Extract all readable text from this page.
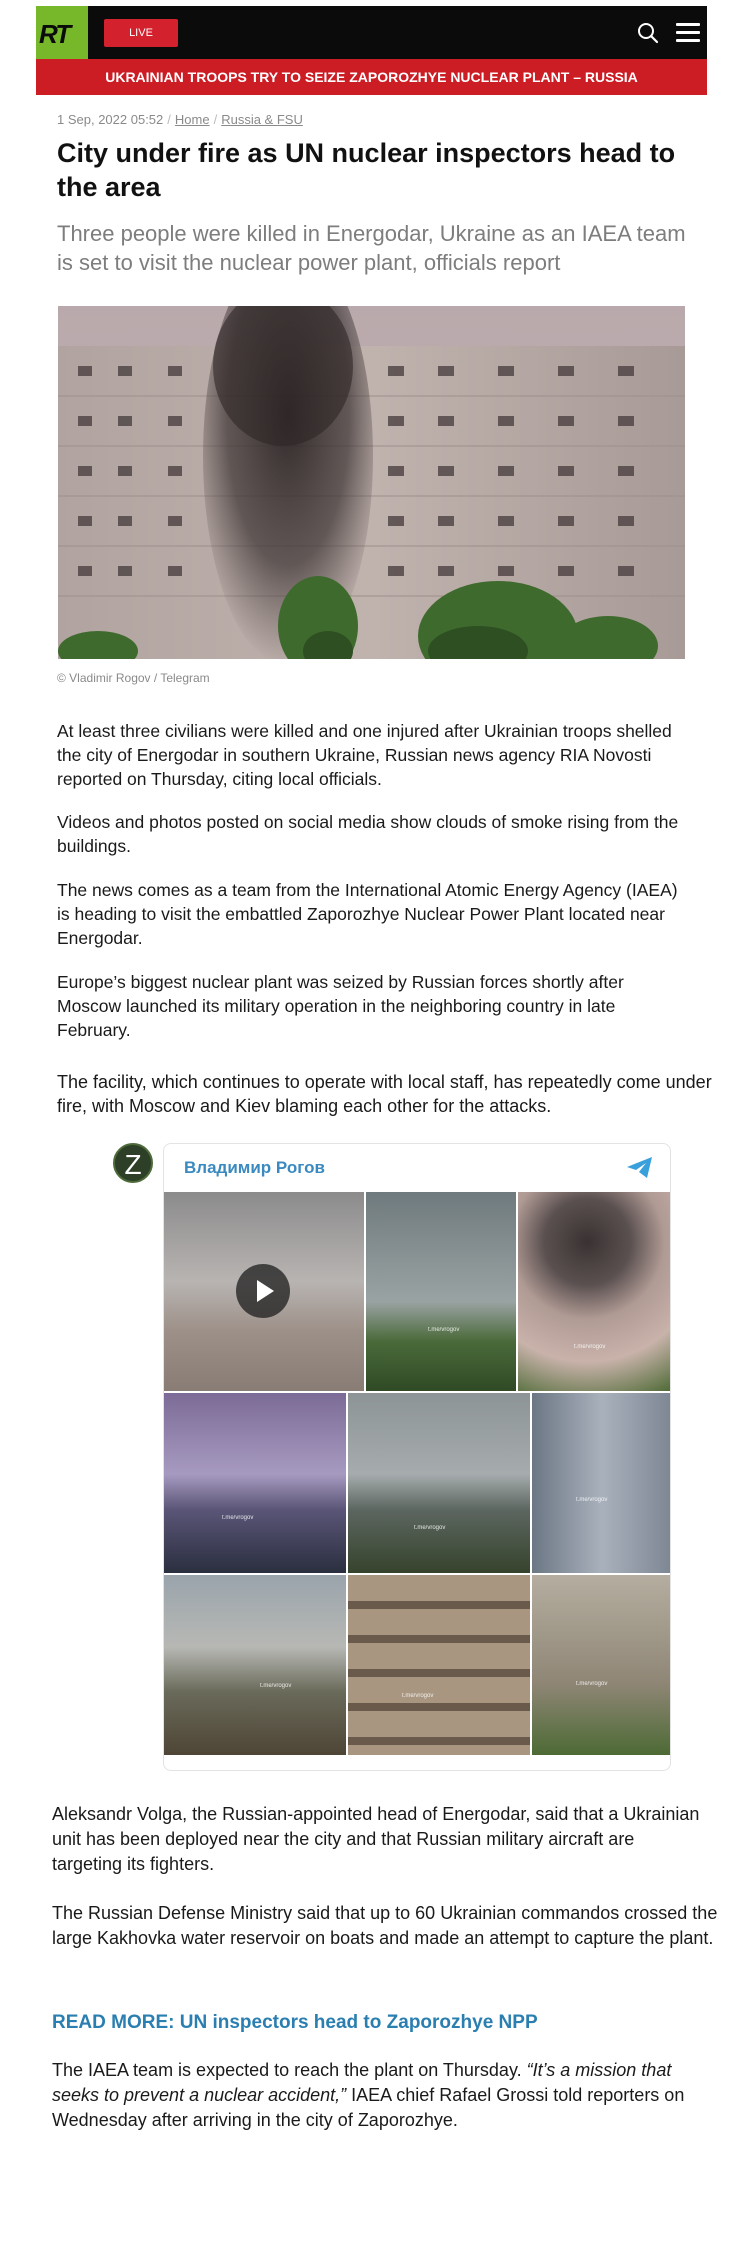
RT	LIVE
UKRAINIAN TROOPS TRY TO SEIZE ZAPOROZHYE NUCLEAR PLANT – RUSSIA
1 Sep, 2022 05:52 / Home / Russia & FSU
City under fire as UN nuclear inspectors head to the area

Three people were killed in Energodar, Ukraine as an IAEA team is set to visit the nuclear power plant, officials report

© Vladimir Rogov / Telegram

At least three civilians were killed and one injured after Ukrainian troops shelled the city of Energodar in southern Ukraine, Russian news agency RIA Novosti reported on Thursday, citing local officials.

Videos and photos posted on social media show clouds of smoke rising from the buildings.

The news comes as a team from the International Atomic Energy Agency (IAEA) is heading to visit the embattled Zaporozhye Nuclear Power Plant located near Energodar.

Europe’s biggest nuclear plant was seized by Russian forces shortly after Moscow launched its military operation in the neighboring country in late February.

The facility, which continues to operate with local staff, has repeatedly come under fire, with Moscow and Kiev blaming each other for the attacks.

Z	Владимир Рогов
t.me/vrogov
t.me/vrogov
t.me/vrogov
t.me/vrogov
t.me/vrogov
t.me/vrogov
t.me/vrogov
t.me/vrogov

Aleksandr Volga, the Russian-appointed head of Energodar, said that a Ukrainian unit has been deployed near the city and that Russian military aircraft are targeting its fighters.

The Russian Defense Ministry said that up to 60 Ukrainian commandos crossed the large Kakhovka water reservoir on boats and made an attempt to capture the plant.

READ MORE: UN inspectors head to Zaporozhye NPP

The IAEA team is expected to reach the plant on Thursday. “It’s a mission that seeks to prevent a nuclear accident,” IAEA chief Rafael Grossi told reporters on Wednesday after arriving in the city of Zaporozhye.
